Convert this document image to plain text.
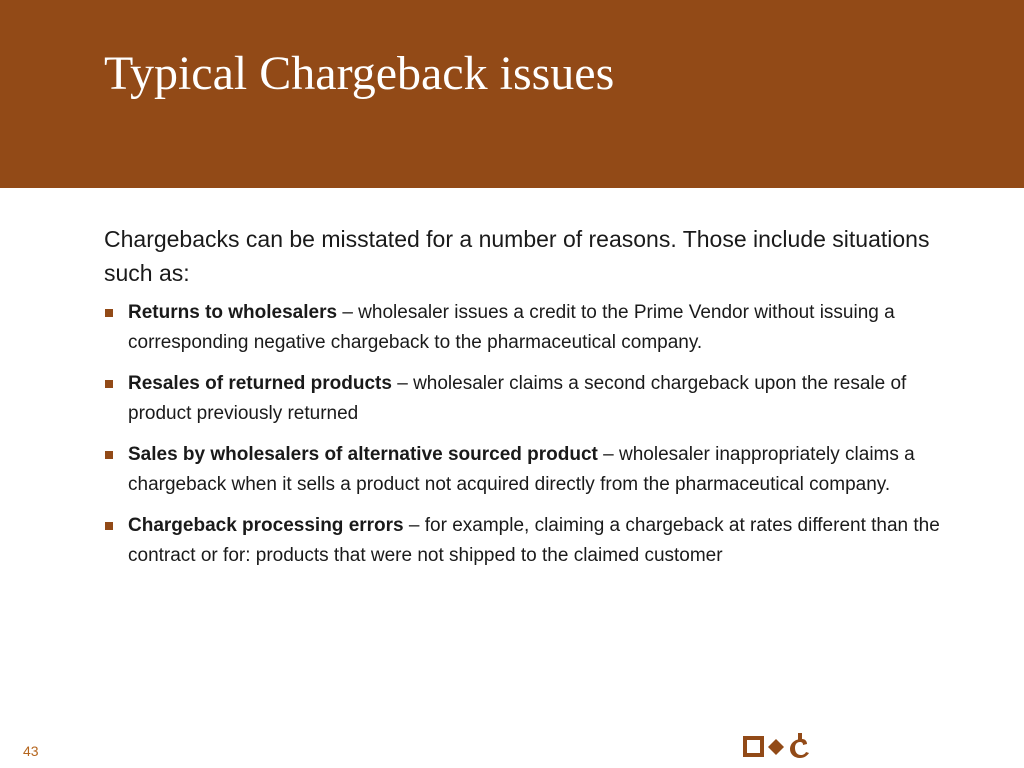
Typical Chargeback issues

Chargebacks can be misstated for a number of reasons. Those include situations such as:

Returns to wholesalers – wholesaler issues a credit to the Prime Vendor without issuing a corresponding negative chargeback to the pharmaceutical company.
Resales of returned products – wholesaler claims a second chargeback upon the resale of product previously returned
Sales by wholesalers of alternative sourced product – wholesaler inappropriately claims a chargeback when it sells a product not acquired directly from the pharmaceutical company.
Chargeback processing errors – for example, claiming a chargeback at rates different than the contract or for: products that were not shipped to the claimed customer
43
